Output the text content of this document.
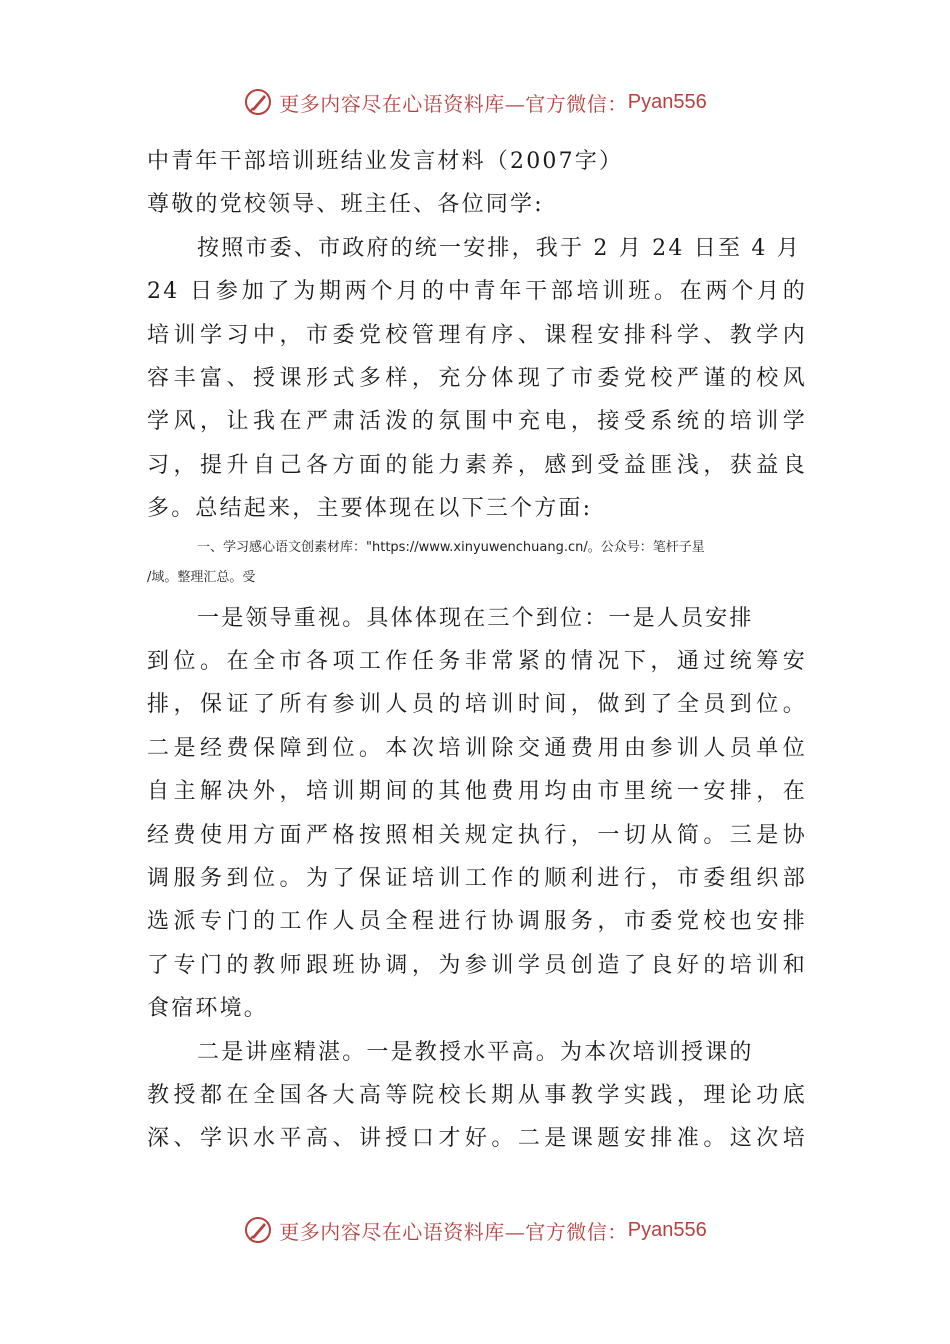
更多内容尽在心语资料库—官方微信： Pyan556
中青年干部培训班结业发言材料（2007字）
尊敬的党校领导、班主任、各位同学:
按照市委、市政府的统一安排，我于 2 月 24 日至 4 月
24 日参加了为期两个月的中青年干部培训班。在两个月的
培训学习中，市委党校管理有序、课程安排科学、教学内
容丰富、授课形式多样，充分体现了市委党校严谨的校风
学风，让我在严肃活泼的氛围中充电，接受系统的培训学
习，提升自己各方面的能力素养，感到受益匪浅，获益良
多。总结起来，主要体现在以下三个方面:
一、学习感心语文创素材库："https://www.xinyuwenchuang.cn/。公众号：笔杆子星
/域。整理汇总。受
一是领导重视。具体体现在三个到位：一是人员安排
到位。在全市各项工作任务非常紧的情况下，通过统筹安
排，保证了所有参训人员的培训时间，做到了全员到位。
二是经费保障到位。本次培训除交通费用由参训人员单位
自主解决外，培训期间的其他费用均由市里统一安排，在
经费使用方面严格按照相关规定执行，一切从简。三是协
调服务到位。为了保证培训工作的顺利进行，市委组织部
选派专门的工作人员全程进行协调服务，市委党校也安排
了专门的教师跟班协调，为参训学员创造了良好的培训和
食宿环境。
二是讲座精湛。一是教授水平高。为本次培训授课的
教授都在全国各大高等院校长期从事教学实践，理论功底
深、学识水平高、讲授口才好。二是课题安排准。这次培
更多内容尽在心语资料库—官方微信： Pyan556
